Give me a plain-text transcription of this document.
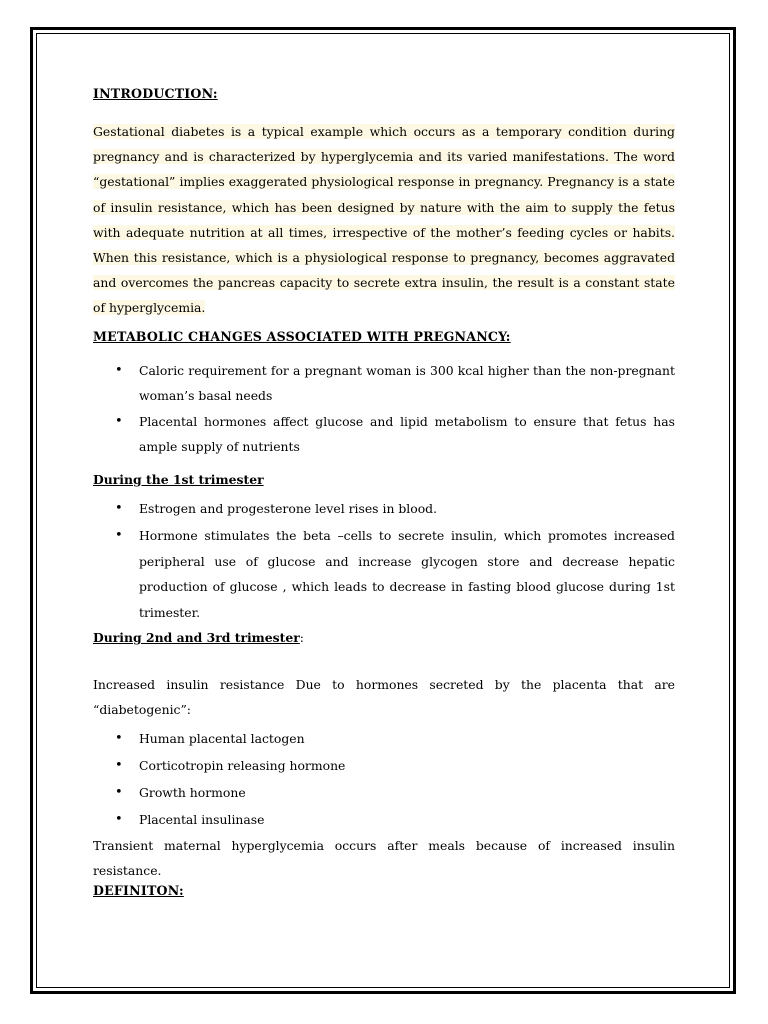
INTRODUCTION:

Gestational diabetes is a typical example which occurs as a temporary condition during pregnancy and is characterized by hyperglycemia and its varied manifestations. The word “gestational” implies exaggerated physiological response in pregnancy. Pregnancy is a state of insulin resistance, which has been designed by nature with the aim to supply the fetus with adequate nutrition at all times, irrespective of the mother’s feeding cycles or habits. When this resistance, which is a physiological response to pregnancy, becomes aggravated and overcomes the pancreas capacity to secrete extra insulin, the result is a constant state of hyperglycemia.

METABOLIC CHANGES ASSOCIATED WITH PREGNANCY:
• Caloric requirement for a pregnant woman is 300 kcal higher than the non-pregnant woman’s basal needs
• Placental hormones affect glucose and lipid metabolism to ensure that fetus has ample supply of nutrients
During the 1st trimester
• Estrogen and progesterone level rises in blood.
• Hormone stimulates the beta –cells to secrete insulin, which promotes increased peripheral use of glucose and increase glycogen store and decrease hepatic production of glucose , which leads to decrease in fasting blood glucose during 1st trimester.
During 2nd and 3rd trimester:

Increased insulin resistance Due to hormones secreted by the placenta that are “diabetogenic”:

• Human placental lactogen
• Corticotropin releasing hormone
• Growth hormone
• Placental insulinase

Transient maternal hyperglycemia occurs after meals because of increased insulin resistance.

DEFINITON:
